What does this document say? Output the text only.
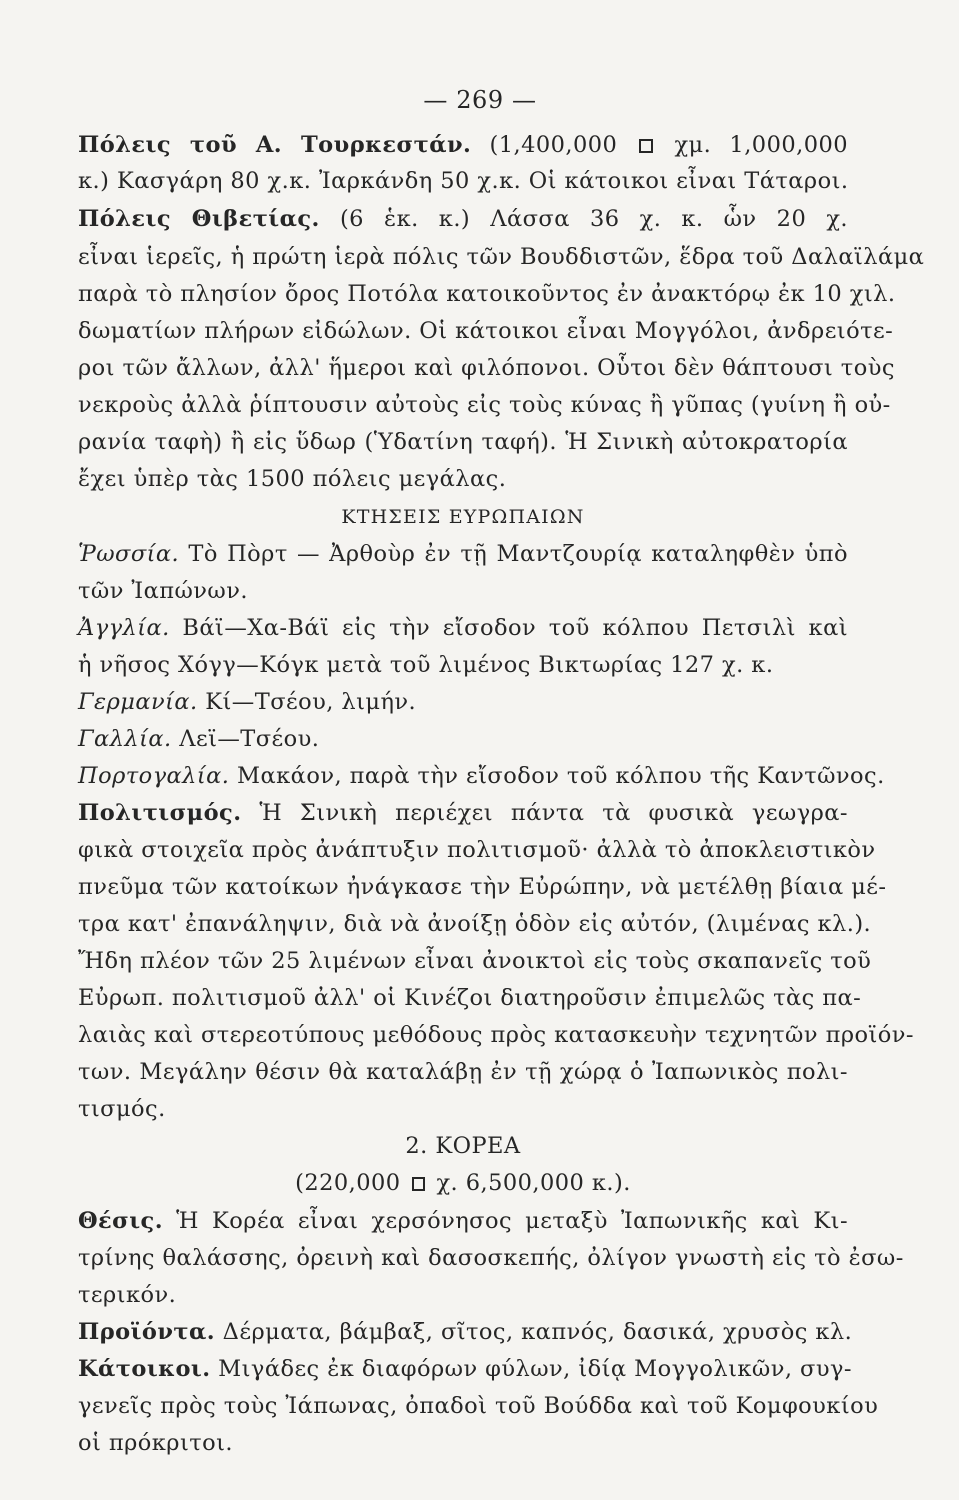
— 269 —
Πόλεις τοῦ Α. Τουρκεστάν. (1,400,000	χμ. 1,000,000
κ.) Κασγάρη 80 χ.κ. Ἰαρκάνδη 50 χ.κ. Οἱ κάτοικοι εἶναι Τάταροι.
Πόλεις Θιβετίας. (6 ἑκ. κ.) Λάσσα 36 χ. κ. ὧν 20 χ.
εἶναι ἱερεῖς, ἡ πρώτη ἱερὰ πόλις τῶν Βουδδιστῶν, ἕδρα τοῦ Δαλαϊλάμα
παρὰ τὸ πλησίον ὄρος Ποτόλα κατοικοῦντος ἐν ἀνακτόρῳ ἐκ 10 χιλ.
δωματίων πλήρων εἰδώλων. Οἱ κάτοικοι εἶναι Μογγόλοι, ἀνδρειότε-
ροι τῶν ἄλλων, ἀλλ' ἥμεροι καὶ φιλόπονοι. Οὗτοι δὲν θάπτουσι τοὺς
νεκροὺς ἀλλὰ ῥίπτουσιν αὐτοὺς εἰς τοὺς κύνας ἢ γῦπας (γυίνη ἢ οὐ-
ρανία ταφὴ) ἢ εἰς ὕδωρ (Ὑδατίνη ταφή). Ἡ Σινικὴ αὐτοκρατορία
ἔχει ὑπὲρ τὰς 1500 πόλεις μεγάλας.
ΚΤΗΣΕΙΣ ΕΥΡΩΠΑΙΩΝ
Ῥωσσία. Τὸ Πὸρτ — Ἀρθοὺρ ἐν τῇ Μαντζουρίᾳ καταληφθὲν ὑπὸ
τῶν Ἰαπώνων.
Ἀγγλία. Βάϊ—Χα-Βάϊ εἰς τὴν εἴσοδον τοῦ κόλπου Πετσιλὶ καὶ
ἡ νῆσος Χόγγ—Κόγκ μετὰ τοῦ λιμένος Βικτωρίας 127 χ. κ.
Γερμανία. Κί—Τσέου, λιμήν.
Γαλλία. Λεϊ—Τσέου.
Πορτογαλία. Μακάον, παρὰ τὴν εἴσοδον τοῦ κόλπου τῆς Καντῶνος.
Πολιτισμός. Ἡ Σινικὴ περιέχει πάντα τὰ φυσικὰ γεωγρα-
φικὰ στοιχεῖα πρὸς ἀνάπτυξιν πολιτισμοῦ· ἀλλὰ τὸ ἀποκλειστικὸν
πνεῦμα τῶν κατοίκων ἠνάγκασε τὴν Εὐρώπην, νὰ μετέλθῃ βίαια μέ-
τρα κατ' ἐπανάληψιν, διὰ νὰ ἀνοίξῃ ὁδὸν εἰς αὐτόν, (λιμένας κλ.).
Ἤδη πλέον τῶν 25 λιμένων εἶναι ἀνοικτοὶ εἰς τοὺς σκαπανεῖς τοῦ
Εὐρωπ. πολιτισμοῦ ἀλλ' οἱ Κινέζοι διατηροῦσιν ἐπιμελῶς τὰς πα-
λαιὰς καὶ στερεοτύπους μεθόδους πρὸς κατασκευὴν τεχνητῶν προϊόν-
των. Μεγάλην θέσιν θὰ καταλάβῃ ἐν τῇ χώρᾳ ὁ Ἰαπωνικὸς πολι-
τισμός.
2. ΚΟΡΕΑ
(220,000 χ. 6,500,000 κ.).
Θέσις. Ἡ Κορέα εἶναι χερσόνησος μεταξὺ Ἰαπωνικῆς καὶ Κι-
τρίνης θαλάσσης, ὀρεινὴ καὶ δασοσκεπής, ὀλίγον γνωστὴ εἰς τὸ ἐσω-
τερικόν.
Προϊόντα. Δέρματα, βάμβαξ, σῖτος, καπνός, δασικά, χρυσὸς κλ.
Κάτοικοι. Μιγάδες ἐκ διαφόρων φύλων, ἰδίᾳ Μογγολικῶν, συγ-
γενεῖς πρὸς τοὺς Ἰάπωνας, ὀπαδοὶ τοῦ Βούδδα καὶ τοῦ Κομφουκίου
οἱ πρόκριτοι.
